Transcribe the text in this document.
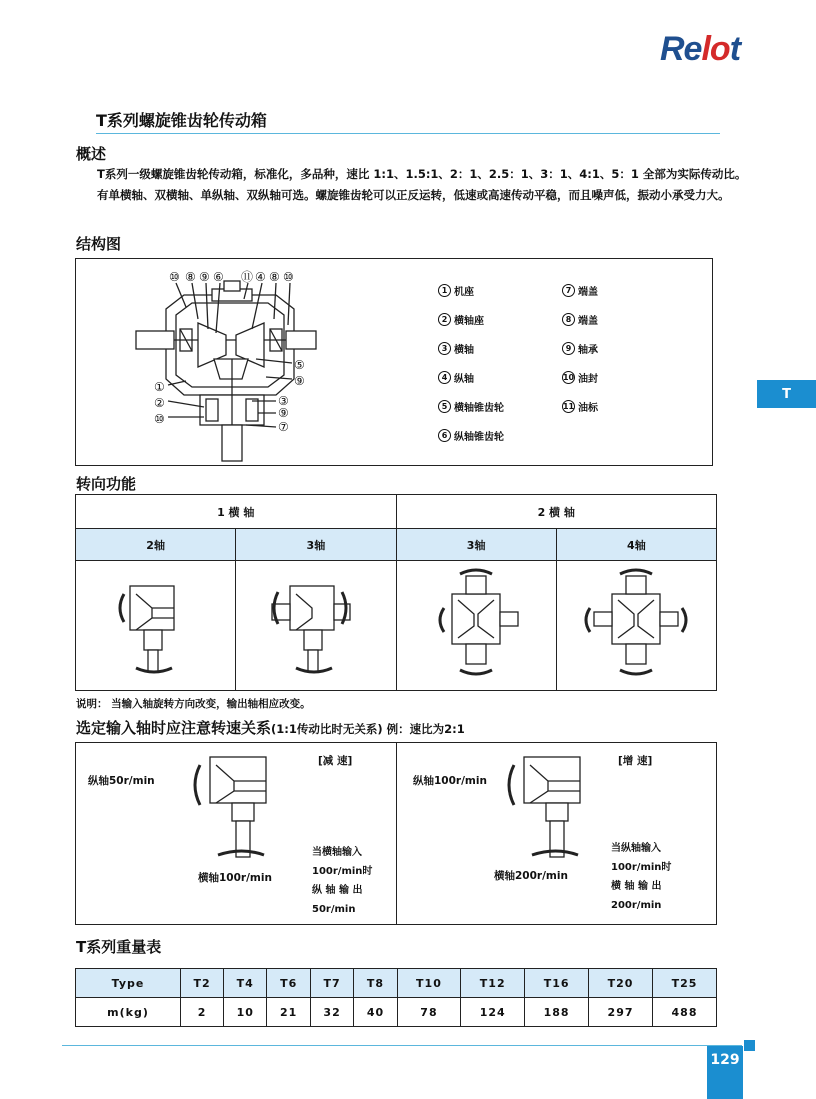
Relot
T系列螺旋锥齿轮传动箱
概述
T系列一级螺旋锥齿轮传动箱，标准化，多品种，速比 1:1、1.5:1、2：1、2.5：1、3：1、4:1、5：1 全部为实际传动比。有单横轴、双横轴、单纵轴、双纵轴可选。螺旋锥齿轮可以正反运转，低速或高速传动平稳，而且噪声低，振动小承受力大。
结构图
⑩ ⑧ ⑨ ⑥ ⑪ ④ ⑧ ⑩
⑤
⑨
①
②
⑩
③
⑨
⑦
1 机座	7 端盖
2 横轴座	8 端盖
3 横轴	9 轴承
4 纵轴	10 油封
5 横轴锥齿轮	11 油标
6 纵轴锥齿轮
T
转向功能
1 横 轴		2 横 轴	
2轴	3轴	3轴	4轴

说明： 当输入轴旋转方向改变，输出轴相应改变。
选定输入轴时应注意转速关系(1:1传动比时无关系) 例：速比为2:1
[减 速]
纵轴50r/min
横轴100r/min
当横轴输入
100r/min时
纵 轴 输 出
50r/min
[增 速]
纵轴100r/min
横轴200r/min
当纵轴输入
100r/min时
横 轴 输 出
200r/min
T系列重量表
Type	T2	T4	T6	T7	T8	T10	T12	T16	T20	T25
m(kg)	2	10	21	32	40	78	124	188	297	488
129
